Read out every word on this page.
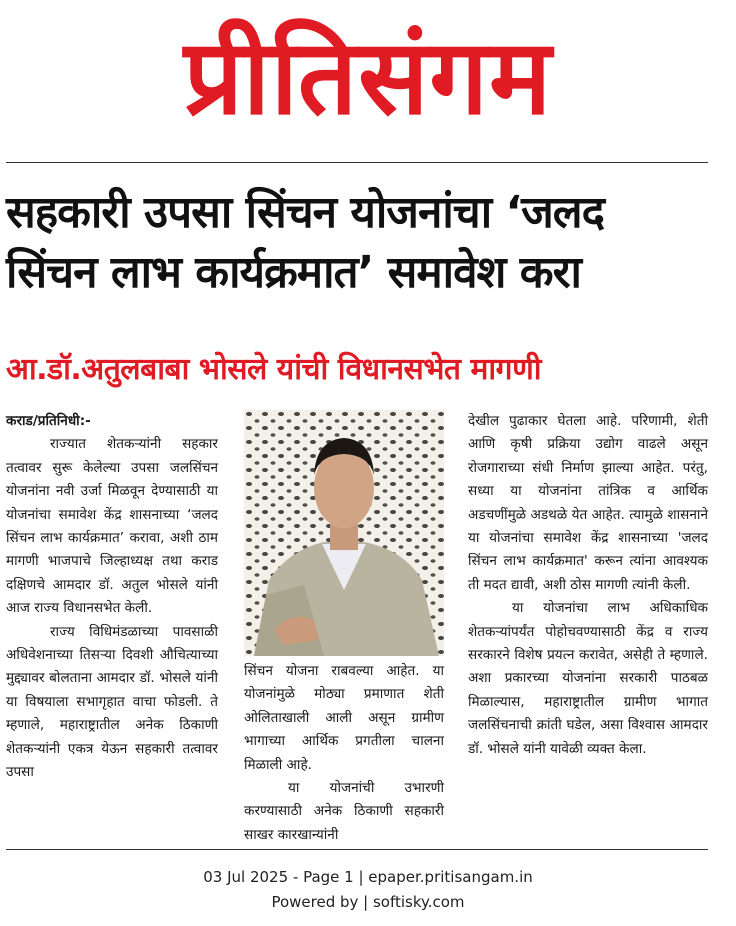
प्रीतिसंगम
सहकारी उपसा सिंचन योजनांचा ‘जलद
सिंचन लाभ कार्यक्रमात’ समावेश करा
आ.डॉ.अतुलबाबा भोसले यांची विधानसभेत मागणी

कराड/प्रतिनिधी:-

राज्यात शेतकऱ्यांनी सहकार तत्वावर सुरू केलेल्या उपसा जलसिंचन योजनांना नवी उर्जा मिळवून देण्यासाठी या योजनांचा समावेश केंद्र शासनाच्या ‘जलद सिंचन लाभ कार्यक्रमात’ करावा, अशी ठाम मागणी भाजपाचे जिल्हाध्यक्ष तथा कराड दक्षिणचे आमदार डॉ. अतुल भोसले यांनी आज राज्य विधानसभेत केली.

राज्य विधिमंडळाच्या पावसाळी अधिवेशनाच्या तिसऱ्या दिवशी औचित्याच्या मुद्द्यावर बोलताना आमदार डॉ. भोसले यांनी या विषयाला सभागृहात वाचा फोडली. ते म्हणाले, महाराष्ट्रातील अनेक ठिकाणी शेतकऱ्यांनी एकत्र येऊन सहकारी तत्वावर उपसा

सिंचन योजना राबवल्या आहेत. या योजनांमुळे मोठ्या प्रमाणात शेती ओलिताखाली आली असून ग्रामीण भागाच्या आर्थिक प्रगतीला चालना मिळाली आहे.

या योजनांची उभारणी करण्यासाठी अनेक ठिकाणी सहकारी साखर कारखान्यांनी

देखील पुढाकार घेतला आहे. परिणामी, शेती आणि कृषी प्रक्रिया उद्योग वाढले असून रोजगाराच्या संधी निर्माण झाल्या आहेत. परंतु, सध्या या योजनांना तांत्रिक व आर्थिक अडचणींमुळे अडथळे येत आहेत. त्यामुळे शासनाने या योजनांचा समावेश केंद्र शासनाच्या 'जलद सिंचन लाभ कार्यक्रमात' करून त्यांना आवश्यक ती मदत द्यावी, अशी ठोस मागणी त्यांनी केली.

या योजनांचा लाभ अधिकाधिक शेतकऱ्यांपर्यंत पोहोचवण्यासाठी केंद्र व राज्य सरकारने विशेष प्रयत्न करावेत, असेही ते म्हणाले. अशा प्रकारच्या योजनांना सरकारी पाठबळ मिळाल्यास, महाराष्ट्रातील ग्रामीण भागात जलसिंचनाची क्रांती घडेल, असा विश्वास आमदार डॉ. भोसले यांनी यावेळी व्यक्त केला.

03 Jul 2025 - Page 1 | epaper.pritisangam.in
Powered by | softisky.com
